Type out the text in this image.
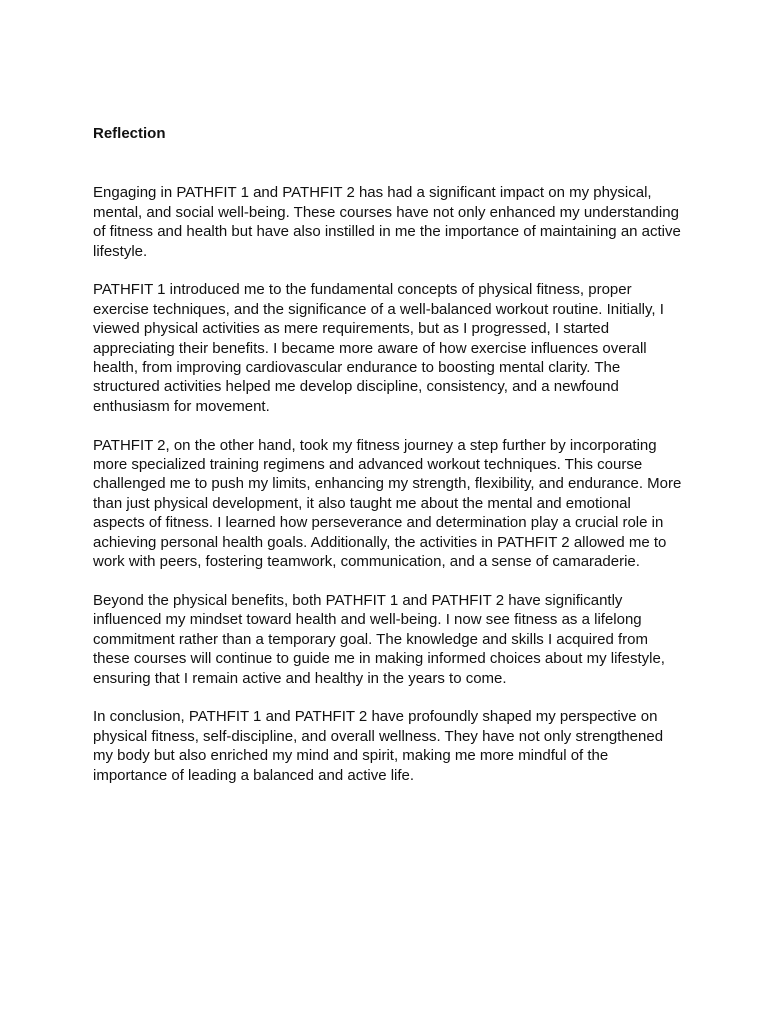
Reflection

Engaging in PATHFIT 1 and PATHFIT 2 has had a significant impact on my physical, mental, and social well-being. These courses have not only enhanced my understanding of fitness and health but have also instilled in me the importance of maintaining an active lifestyle.

PATHFIT 1 introduced me to the fundamental concepts of physical fitness, proper exercise techniques, and the significance of a well-balanced workout routine. Initially, I viewed physical activities as mere requirements, but as I progressed, I started appreciating their benefits. I became more aware of how exercise influences overall health, from improving cardiovascular endurance to boosting mental clarity. The structured activities helped me develop discipline, consistency, and a newfound enthusiasm for movement.

PATHFIT 2, on the other hand, took my fitness journey a step further by incorporating more specialized training regimens and advanced workout techniques. This course challenged me to push my limits, enhancing my strength, flexibility, and endurance. More than just physical development, it also taught me about the mental and emotional aspects of fitness. I learned how perseverance and determination play a crucial role in achieving personal health goals. Additionally, the activities in PATHFIT 2 allowed me to work with peers, fostering teamwork, communication, and a sense of camaraderie.

Beyond the physical benefits, both PATHFIT 1 and PATHFIT 2 have significantly influenced my mindset toward health and well-being. I now see fitness as a lifelong commitment rather than a temporary goal. The knowledge and skills I acquired from these courses will continue to guide me in making informed choices about my lifestyle, ensuring that I remain active and healthy in the years to come.

In conclusion, PATHFIT 1 and PATHFIT 2 have profoundly shaped my perspective on physical fitness, self-discipline, and overall wellness. They have not only strengthened my body but also enriched my mind and spirit, making me more mindful of the importance of leading a balanced and active life.
